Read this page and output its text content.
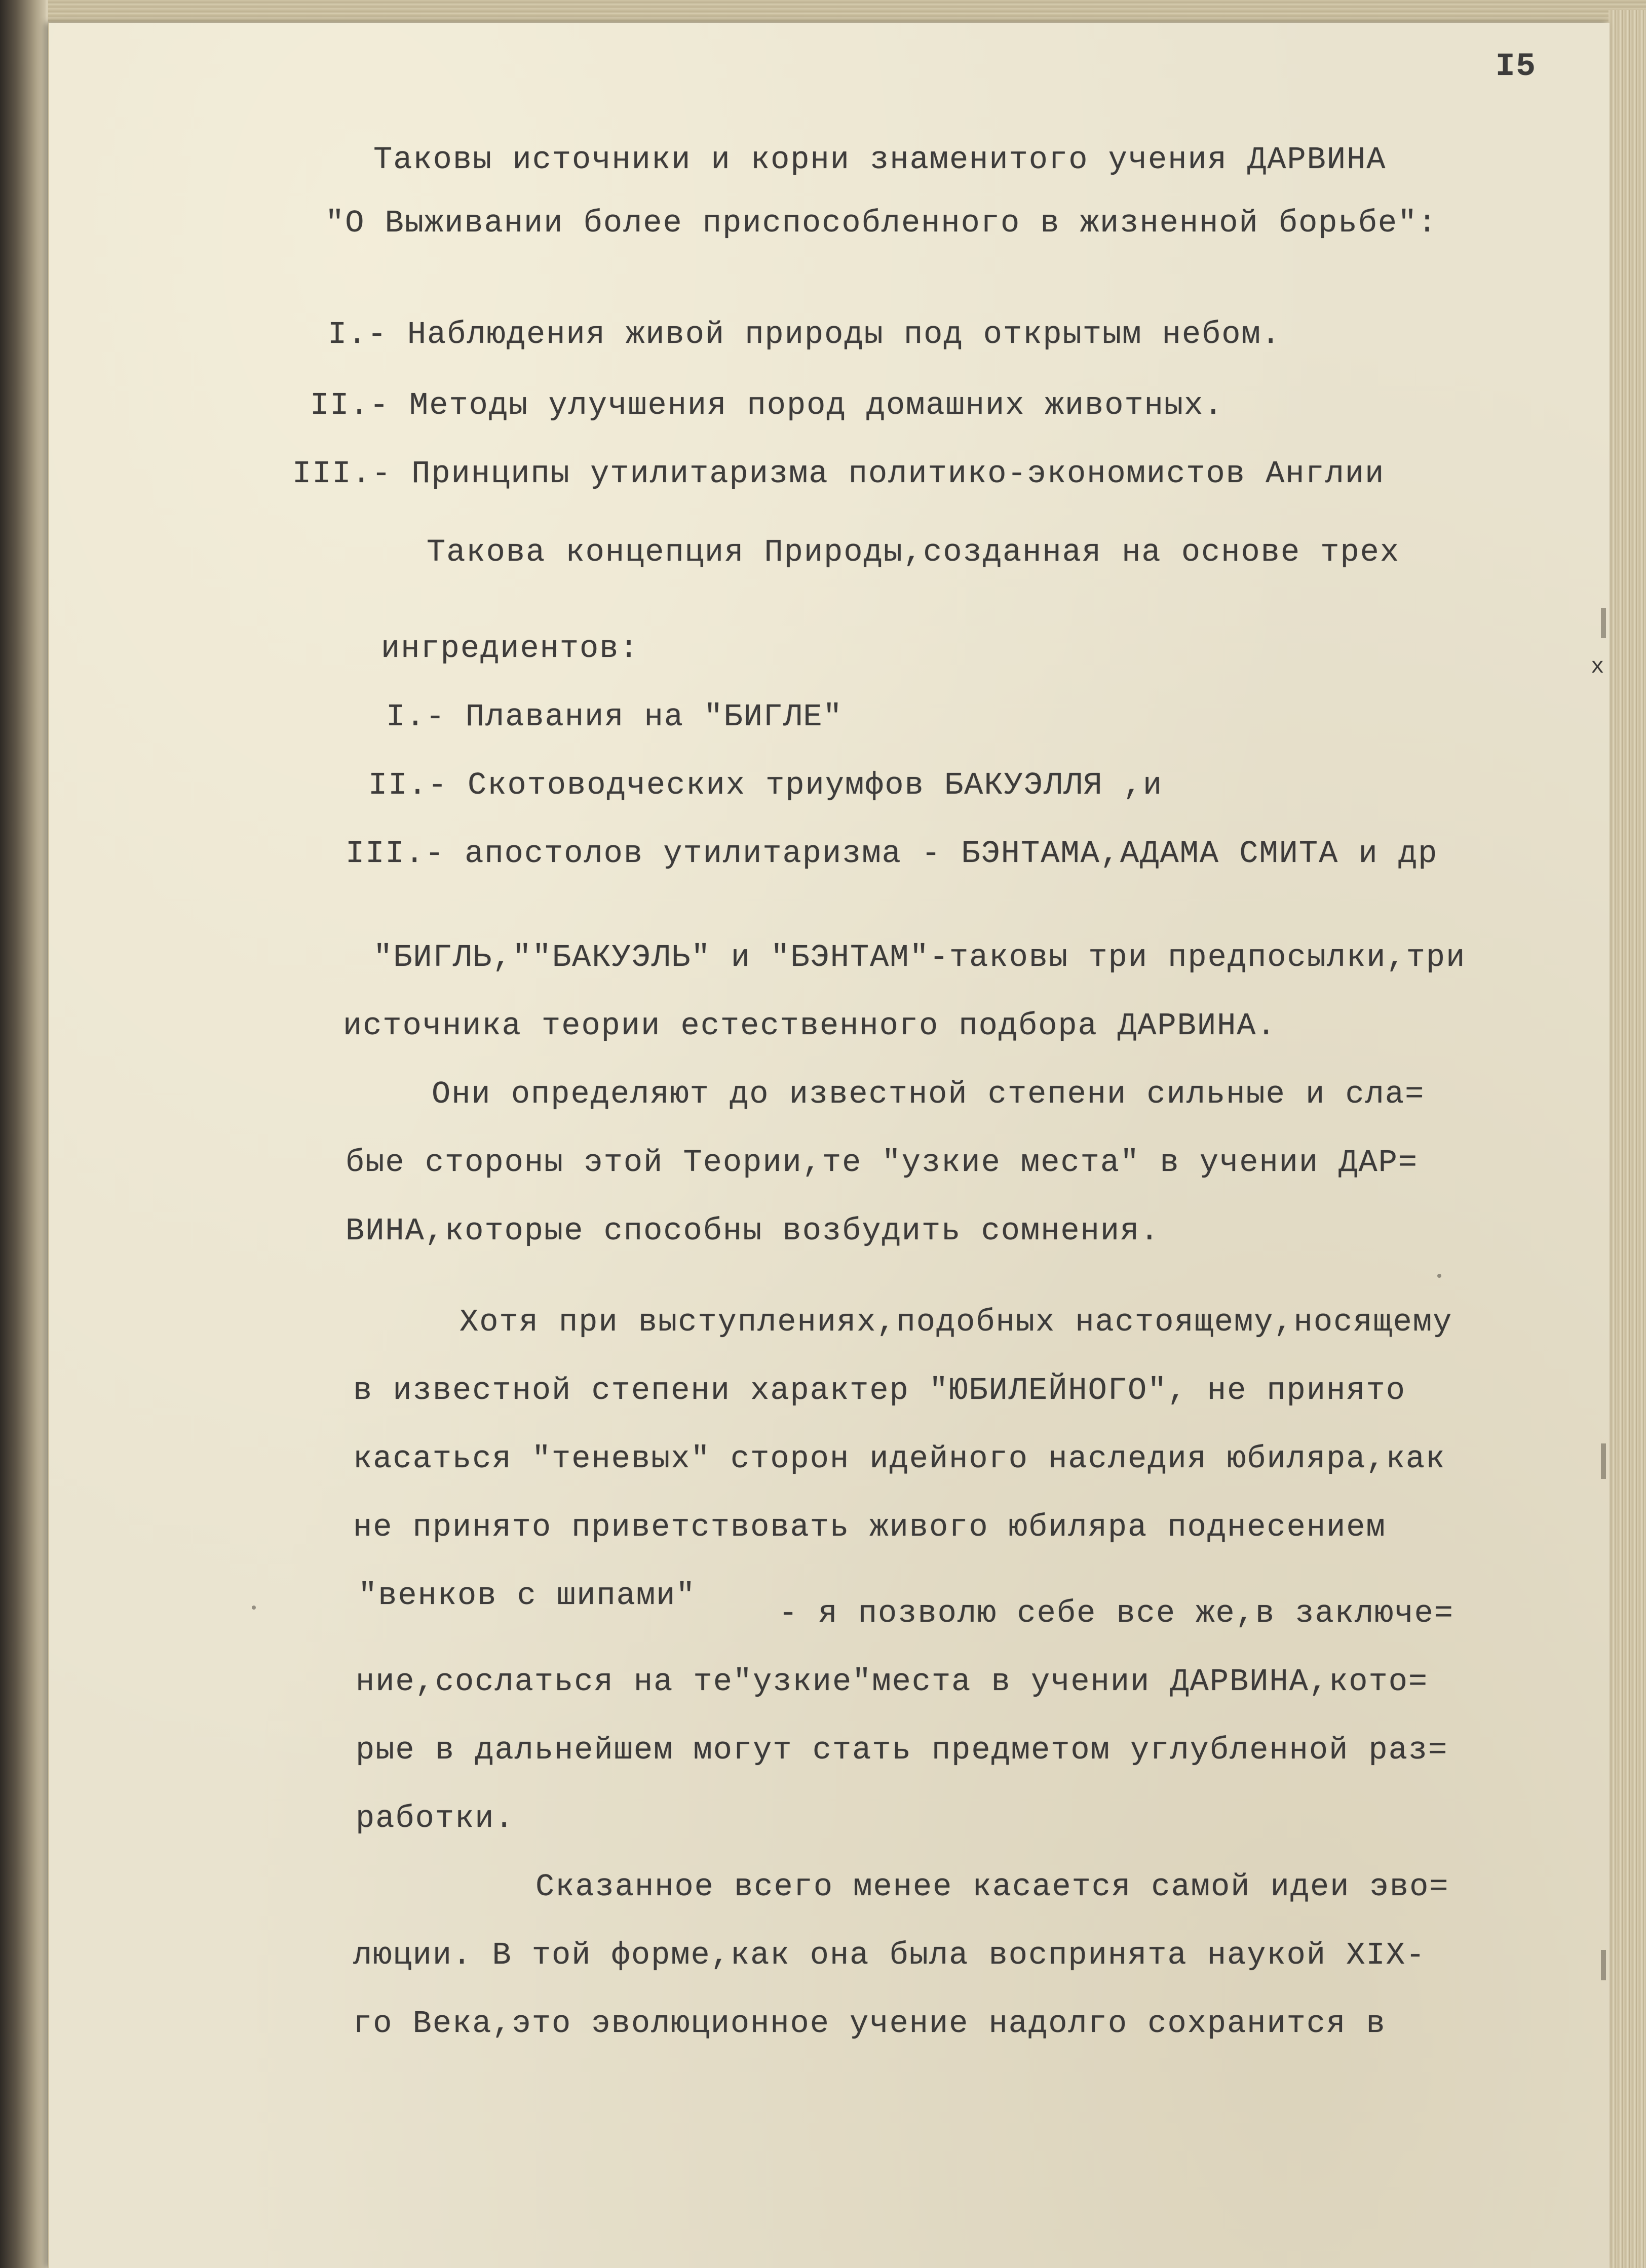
I5
Таковы источники и корни знаменитого учения ДАРВИНА
"О Выживании более приспособленного в жизненной борьбе":
I.- Наблюдения живой природы под открытым небом.
II.- Методы улучшения пород домашних животных.
III.- Принципы утилитаризма политико-экономистов Англии
Такова концепция Природы,созданная на основе трех
ингредиентов:
I.- Плавания на "БИГЛЕ"
II.- Скотоводческих триумфов БАКУЭЛЛЯ ,и
III.- апостолов утилитаризма - БЭНТАМА,АДАМА СМИТА и др
"БИГЛЬ,""БАКУЭЛЬ" и "БЭНТАМ"-таковы три предпосылки,три
источника теории естественного подбора ДАРВИНА.
Они определяют до известной степени сильные и сла=
бые стороны этой Теории,те "узкие места" в учении ДАР=
ВИНА,которые способны возбудить сомнения.
Хотя при выступлениях,подобных настоящему,носящему
в известной степени характер "ЮБИЛЕЙНОГО", не принято
касаться "теневых" сторон идейного наследия юбиляра,как
не принято приветствовать живого юбиляра поднесением
"венков с шипами"	- я позволю себе все же,в заключе=
ние,сослаться на те"узкие"места в учении ДАРВИНА,кото=
рые в дальнейшем могут стать предметом углубленной раз=
работки.
Сказанное всего менее касается самой идеи эво=
люции. В той форме,как она была воспринята наукой XIX-
го Века,это эволюционное учение надолго сохранится в
x
